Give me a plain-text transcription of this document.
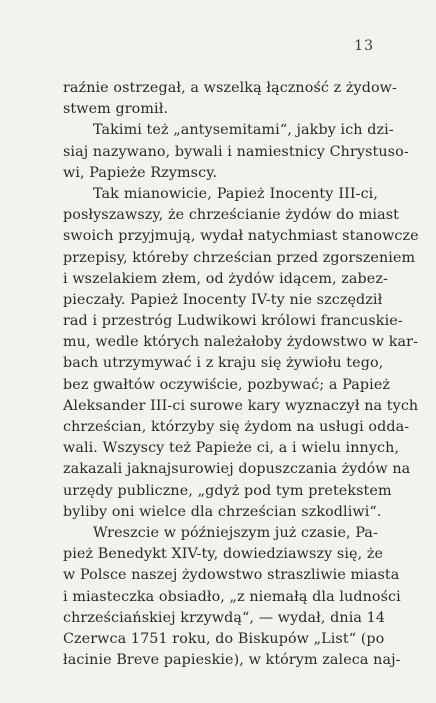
13
raźnie ostrzegał, a wszelką łączność z żydow-
stwem gromił.
Takimi też „antysemitami“, jakby ich dzi-
siaj nazywano, bywali i namiestnicy Chrystuso-
wi, Papieże Rzymscy.
Tak mianowicie, Papież Inocenty III-ci,
posłyszawszy, że chrześcianie żydów do miast
swoich przyjmują, wydał natychmiast stanowcze
przepisy, któreby chrześcian przed zgorszeniem
i wszelakiem złem, od żydów idącem, zabez-
pieczały. Papież Inocenty IV-ty nie szczędził
rad i przestróg Ludwikowi królowi francuskie-
mu, wedle których należałoby żydowstwo w kar-
bach utrzymywać i z kraju się żywiołu tego,
bez gwałtów oczywiście, pozbywać; a Papież
Aleksander III-ci surowe kary wyznaczył na tych
chrześcian, którzyby się żydom na usługi odda-
wali. Wszyscy też Papieże ci, a i wielu innych,
zakazali jaknajsurowiej dopuszczania żydów na
urzędy publiczne, „gdyż pod tym pretekstem
byliby oni wielce dla chrześcian szkodliwi“.
Wreszcie w późniejszym już czasie, Pa-
pież Benedykt XIV-ty, dowiedziawszy się, że
w Polsce naszej żydowstwo straszliwie miasta
i miasteczka obsiadło, „z niemałą dla ludności
chrześciańskiej krzywdą“, — wydał, dnia 14
Czerwca 1751 roku, do Biskupów „List“ (po
łacinie Breve papieskie), w którym zaleca naj-
